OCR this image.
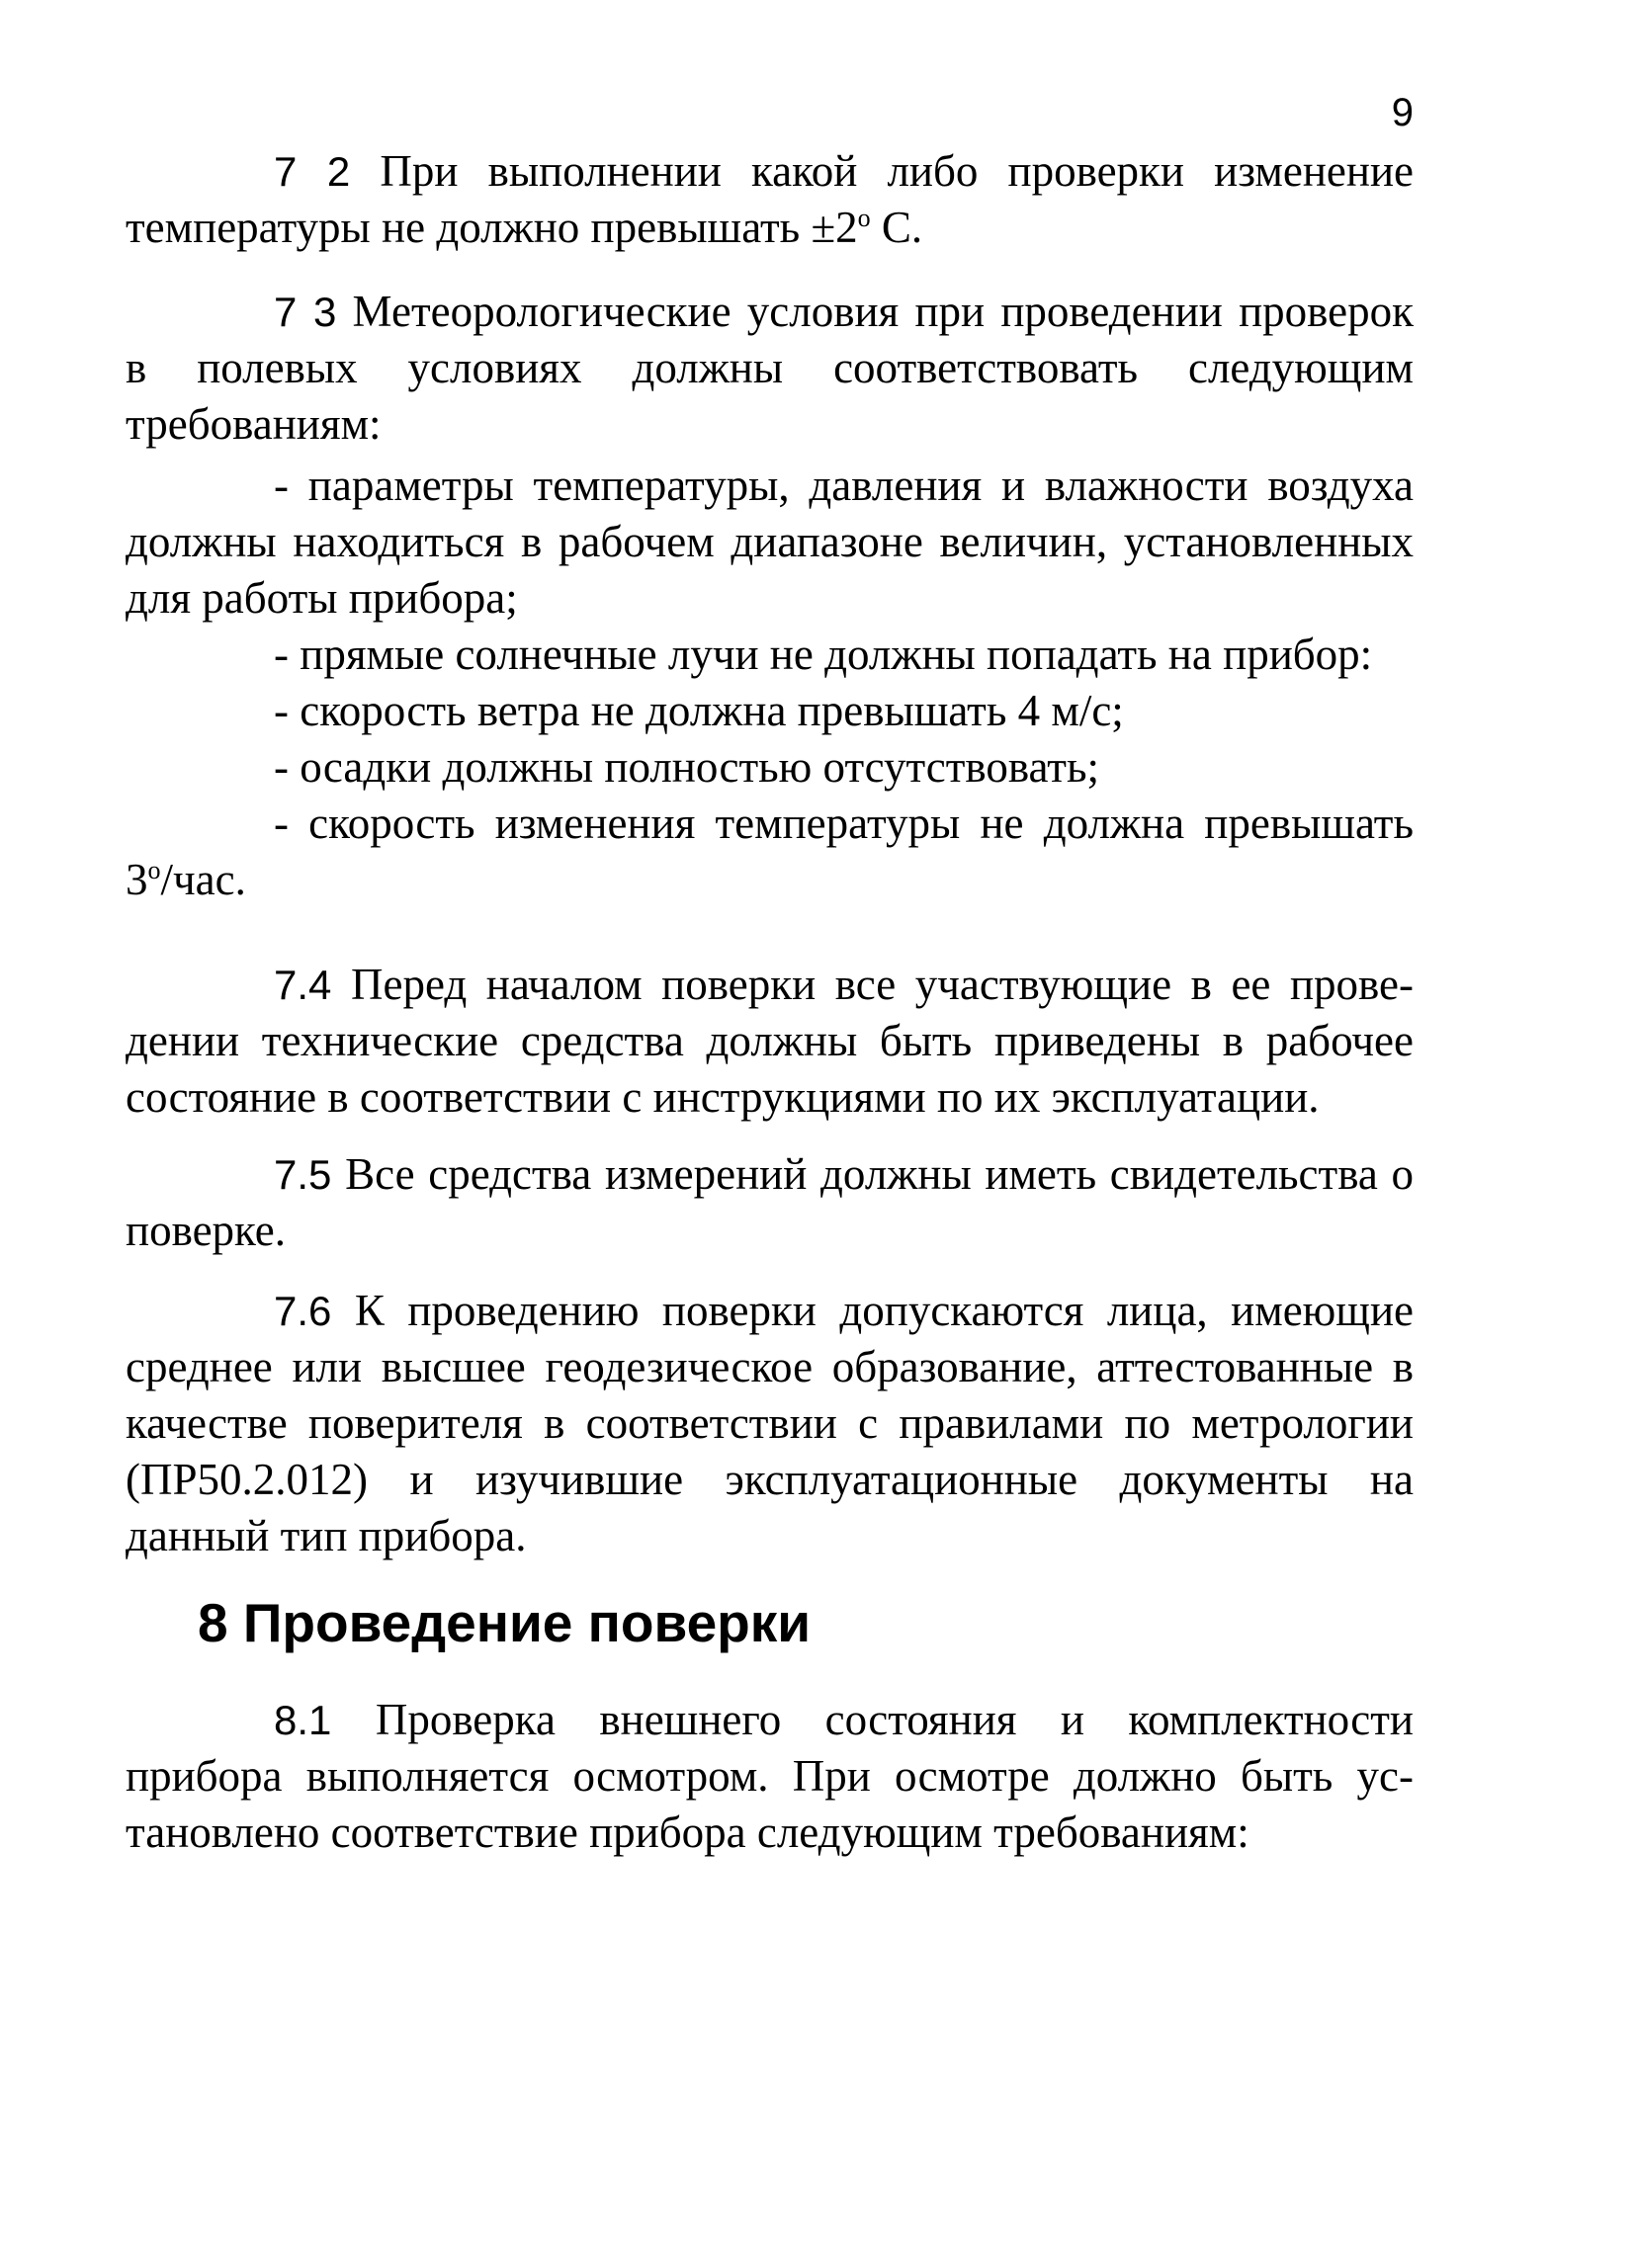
9

7 2 При выполнении какой либо проверки изменение температуры не должно превышать $\pm 2^o$ С.

7 3 Метеорологические условия при проведении проверок в полевых условиях должны соответствовать следующим требованиям:

- параметры температуры, давления и влажности воздуха должны находиться в рабочем диапазоне величин, установленных для работы прибора;

- прямые солнечные лучи не должны попадать на прибор:

- скорость ветра не должна превышать 4 м/с;

- осадки должны полностью отсутствовать;

- скорость изменения температуры не должна превышать 3$^o$/час.

7.4 Перед началом поверки все участвующие в ее проведении технические средства должны быть приведены в рабочее состояние в соответствии с инструкциями по их эксплуатации.

7.5 Все средства измерений должны иметь свидетельства о поверке.

7.6 К проведению поверки допускаются лица, имеющие среднее или высшее геодезическое образование, аттестованные в качестве поверителя в соответствии с правилами по метрологии (ПР50.2.012) и изучившие эксплуатационные документы на данный тип прибора.

8 Проведение поверки

8.1 Проверка внешнего состояния и комплектности прибора выполняется осмотром. При осмотре должно быть установлено соответствие прибора следующим требованиям:
